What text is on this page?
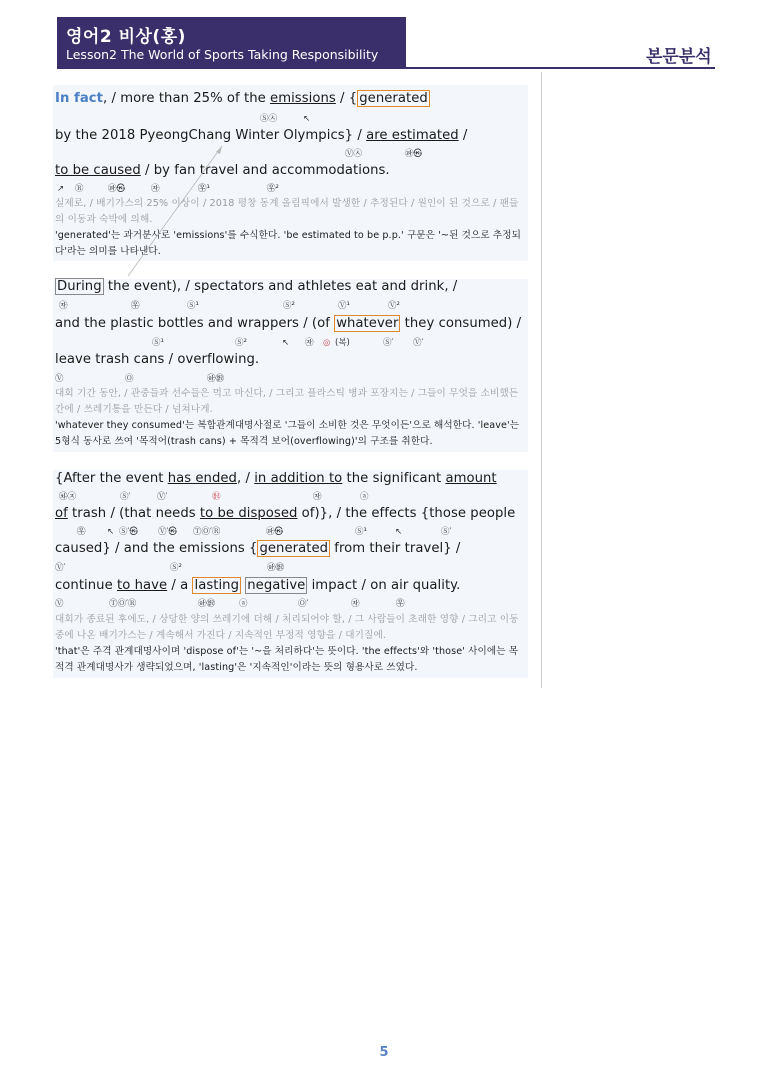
영어2 비상(홍)
Lesson2 The World of Sports Taking Responsibility	본문분석
In fact, / more than 25% of the emissions / { generated
Ⓢ㉦	↖
by the 2018 PyeongChang Winter Olympics} / are estimated /
Ⓥ㉦	㉺㉿
to be caused / by fan travel and accommodations.
↗ Ⓡ	㉺㉿	㉶	㉾¹	㉾²
실제로, / 배기가스의 25% 이상이 / 2018 평창 동계 올림픽에서 발생한 / 추정된다 / 원인이 된 것으로 / 팬들의 이동과 숙박에 의해.
'generated'는 과거분사로 'emissions'를 수식한다. 'be estimated to be p.p.' 구문은 '~된 것으로 추정되다'라는 의미를 나타낸다.
During the event), / spectators and athletes eat and drink, /
㉶	㉾	Ⓢ¹	Ⓢ²	Ⓥ¹	Ⓥ²
and the plastic bottles and wrappers / (of whatever they consumed) /
Ⓢ¹	Ⓢ²	↖ ㉶ ◎ (복)	Ⓢ′ Ⓥ′
leave trash cans / overflowing.
Ⓥ	Ⓞ	㉻㉼
대회 기간 동안, / 관중들과 선수들은 먹고 마신다, / 그리고 플라스틱 병과 포장지는 / 그들이 무엇을 소비했든 간에 / 쓰레기통을 만든다 / 넘쳐나게.
'whatever they consumed'는 복합관계대명사절로 '그들이 소비한 것은 무엇이든'으로 해석한다. 'leave'는 5형식 동사로 쓰여 '목적어(trash cans) + 목적격 보어(overflowing)'의 구조를 취한다.
{After the event has ended, / in addition to the significant amount
㉷㉨	Ⓢ′	Ⓥ′	㉼	㉶	ⓐ
of trash / (that needs to be disposed of)}, / the effects {those people
㉾	↖ Ⓢ′㉿ Ⓥ′㉿ ⓉⓄ′Ⓡ	㉺㉿	Ⓢ¹	↖	Ⓢ′
caused} / and the emissions { generated from their travel} /
Ⓥ′	Ⓢ²	㉻㉼
continue to have / a lasting negative impact / on air quality.
Ⓥ	ⓉⓄ′Ⓡ	㉻㉼	ⓐ	Ⓞ′	㉶	㉾
대회가 종료된 후에도, / 상당한 양의 쓰레기에 더해 / 처리되어야 할, / 그 사람들이 초래한 영향 / 그리고 이동 중에 나온 배기가스는 / 계속해서 가진다 / 지속적인 부정적 영향을 / 대기질에.
'that'은 주격 관계대명사이며 'dispose of'는 '~을 처리하다'는 뜻이다. 'the effects'와 'those' 사이에는 목적격 관계대명사가 생략되었으며, 'lasting'은 '지속적인'이라는 뜻의 형용사로 쓰였다.
5
